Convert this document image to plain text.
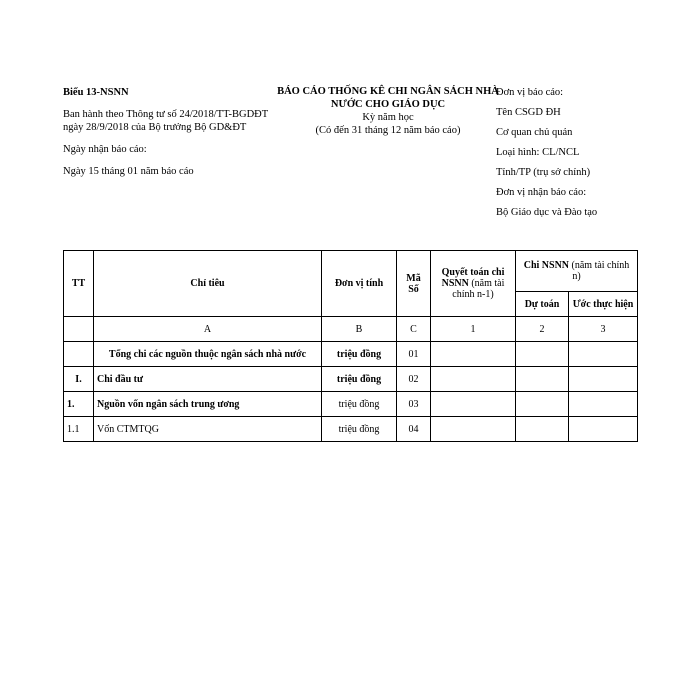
Biểu 13-NSNN
Ban hành theo Thông tư số 24/2018/TT-BGDĐT ngày 28/9/2018 của Bộ trưởng Bộ GD&ĐT
Ngày nhận báo cáo:
Ngày 15 tháng 01 năm báo cáo
BÁO CÁO THỐNG KÊ CHI NGÂN SÁCH NHÀ NƯỚC CHO GIÁO DỤC
Kỳ năm học
(Có đến 31 tháng 12 năm báo cáo)
Đơn vị báo cáo:
Tên CSGD ĐH
Cơ quan chủ quản
Loại hình: CL/NCL
Tỉnh/TP (trụ sở chính)
Đơn vị nhận báo cáo:
Bộ Giáo dục và Đào tạo
TT	Chỉ tiêu	Đơn vị tính	Mã Số	Quyết toán chi NSNN (năm tài chính n-1)	Chi NSNN (năm tài chính n)	
					Dự toán	Ước thực hiện
	A	B	C	1	2	3
	Tổng chi các nguồn thuộc ngân sách nhà nước	triệu đồng	01			
I.	Chi đầu tư	triệu đồng	02			
1.	Nguồn vốn ngân sách trung ương	triệu đồng	03			
1.1	Vốn CTMTQG	triệu đồng	04			
